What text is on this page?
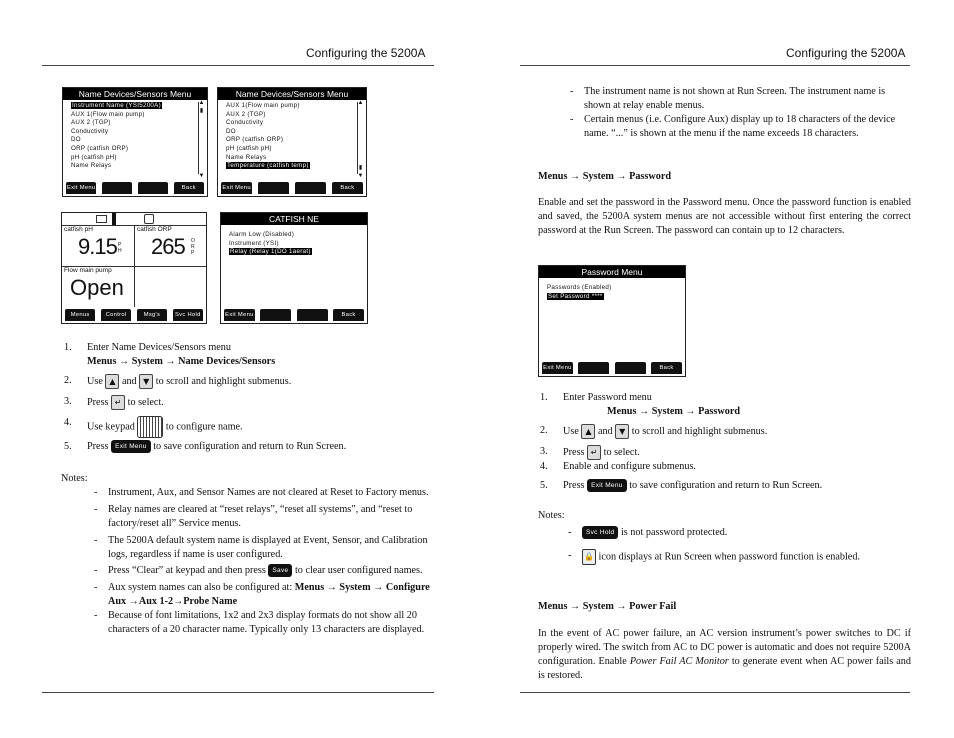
Configuring the 5200A	Configuring the 5200A
Name Devices/Sensors Menu
Instrument Name (YSI5200A)
AUX 1(Flow main pump)
AUX 2 (TGP)
Conductivity
DO
ORP (catfish ORP)
pH (catfish pH)
Name Relays
▲
▮
▼
Exit Menu	Back
Name Devices/Sensors Menu
AUX 1(Flow main pump)
AUX 2 (TGP)
Conductivity
DO
ORP (catfish ORP)
pH (catfish pH)
Name Relays
Temperature (catfish temp)
▲
▮
▼
Exit Menu	Back
catfish pH
9.15 P
H
catfish ORP
265 O
R
P
Flow main pump
Open
Menus	Control	Msg's	Svc Hold
CATFISH NE
Alarm Low (Disabled)
Instrument (YSI)
Relay (Relay 1(DO 1aerat)
Exit Menu	Back
1. Enter Name Devices/Sensors menu
Menus → System → Name Devices/Sensors
2. Use ▲ and ▼ to scroll and highlight submenus.
3. Press ↵ to select.
4. Use keypad	to configure name.
5. Press Exit Menu to save configuration and return to Run Screen.
Notes:
- Instrument, Aux, and Sensor Names are not cleared at Reset to Factory menus.
- Relay names are cleared at “reset relays”, “reset all systems”, and “reset to factory/reset all” Service menus.
- The 5200A default system name is displayed at Event, Sensor, and Calibration logs, regardless if name is user configured.
- Press “Clear” at keypad and then press Save to clear user configured names.
- Aux system names can also be configured at: Menus → System → Configure Aux →Aux 1-2→Probe Name
- Because of font limitations, 1x2 and 2x3 display formats do not show all 20 characters of a 20 character name. Typically only 13 characters are displayed.
- The instrument name is not shown at Run Screen. The instrument name is shown at relay enable menus.
- Certain menus (i.e. Configure Aux) display up to 18 characters of the device name. “...” is shown at the menu if the name exceeds 18 characters.
Menus → System → Password
Enable and set the password in the Password menu. Once the password function is enabled and saved, the 5200A system menus are not accessible without first entering the correct password at the Run Screen. The password can contain up to 12 characters.
Password Menu
Passwords (Enabled)
Set Password ****
Exit Menu	Back
1. Enter Password menu
Menus → System → Password
2. Use ▲ and ▼ to scroll and highlight submenus.
3. Press ↵ to select.
4. Enable and configure submenus.
5. Press Exit Menu to save configuration and return to Run Screen.
Notes:
- Svc Hold is not password protected.
- 🔒 icon displays at Run Screen when password function is enabled.
Menus → System → Power Fail
In the event of AC power failure, an AC version instrument’s power switches to DC if properly wired. The switch from AC to DC power is automatic and does not require 5200A configuration. Enable Power Fail AC Monitor to generate event when AC power fails and is restored.
